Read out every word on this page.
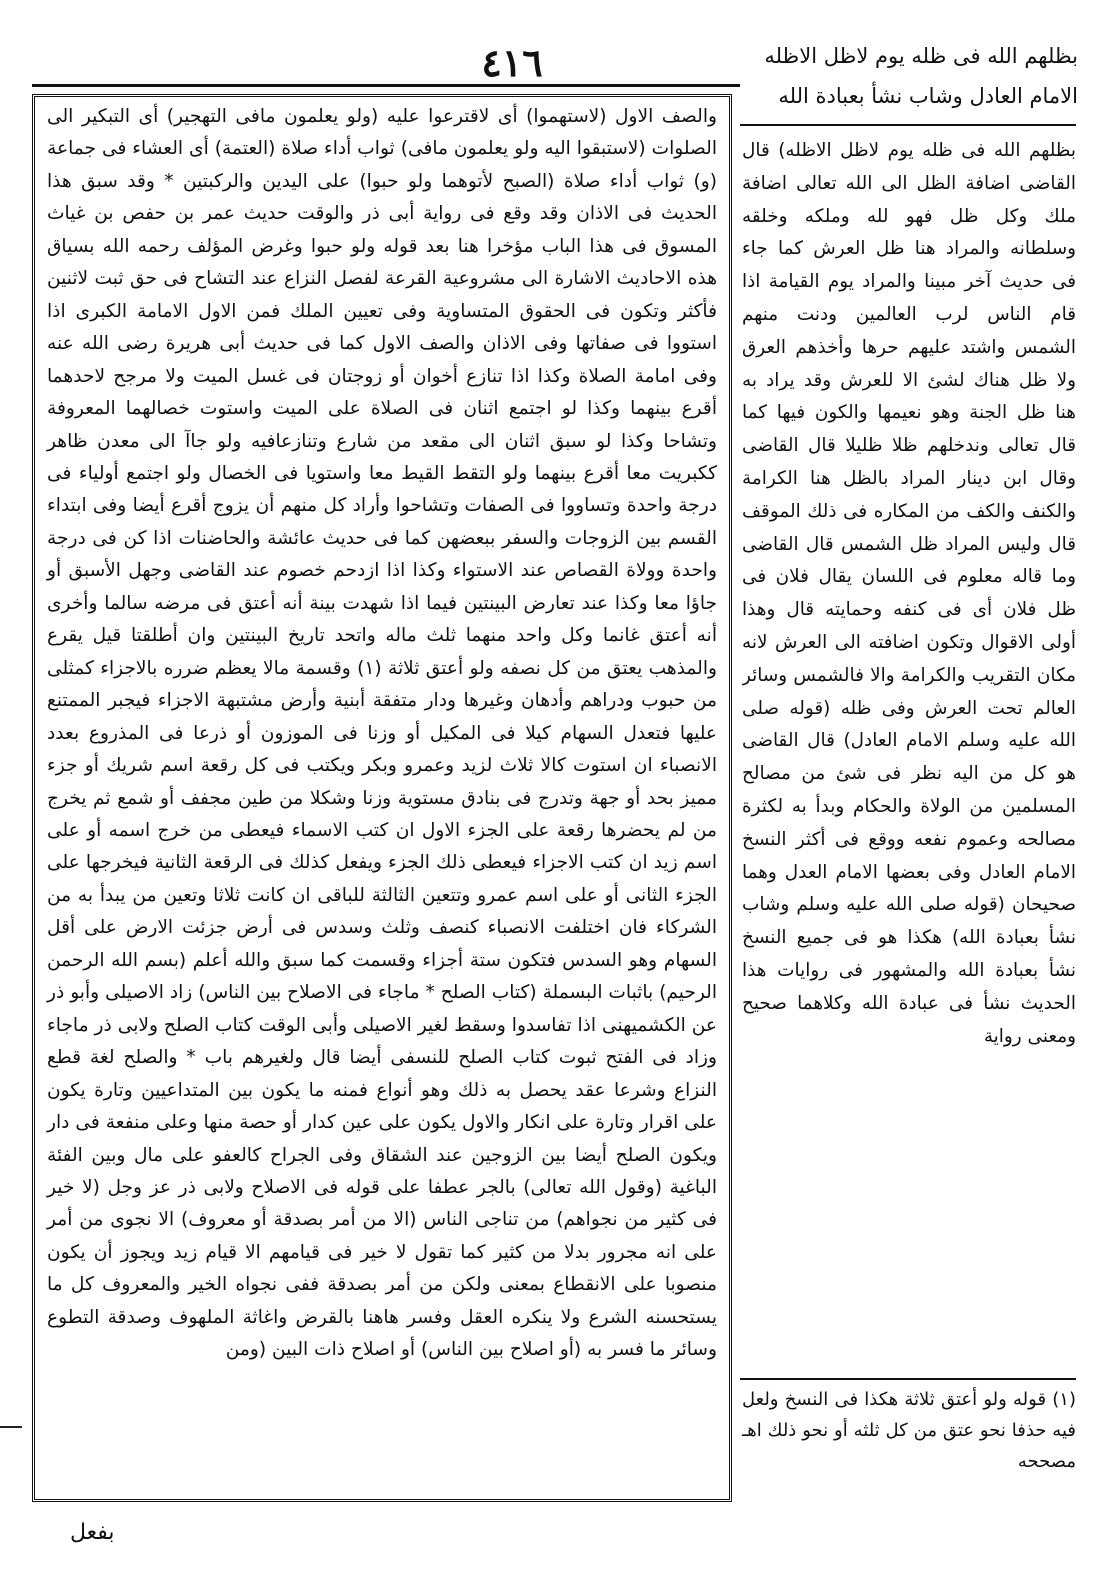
بظلهم الله فى ظله يوم لاظل الاظله
الامام العادل وشاب نشأ بعبادة الله
٤١٦
والصف الاول (لاستهموا) أى لاقترعوا عليه (ولو يعلمون مافى التهجير) أى التبكير الى الصلوات (لاستبقوا اليه ولو يعلمون مافى) ثواب أداء صلاة (العتمة) أى العشاء فى جماعة (و) ثواب أداء صلاة (الصبح لأتوهما ولو حبوا) على اليدين والركبتين * وقد سبق هذا الحديث فى الاذان وقد وقع فى رواية أبى ذر والوقت حديث عمر بن حفص بن غياث المسوق فى هذا الباب مؤخرا هنا بعد قوله ولو حبوا وغرض المؤلف رحمه الله بسياق هذه الاحاديث الاشارة الى مشروعية القرعة لفصل النزاع عند التشاح فى حق ثبت لاثنين فأكثر وتكون فى الحقوق المتساوية وفى تعيين الملك فمن الاول الامامة الكبرى اذا استووا فى صفاتها وفى الاذان والصف الاول كما فى حديث أبى هريرة رضى الله عنه وفى امامة الصلاة وكذا اذا تنازع أخوان أو زوجتان فى غسل الميت ولا مرجح لاحدهما أقرع بينهما وكذا لو اجتمع اثنان فى الصلاة على الميت واستوت خصالهما المعروفة وتشاحا وكذا لو سبق اثنان الى مقعد من شارع وتنازعافيه ولو جاآ الى معدن ظاهر ككبريت معا أقرع بينهما ولو التقط القيط معا واستويا فى الخصال ولو اجتمع أولياء فى درجة واحدة وتساووا فى الصفات وتشاحوا وأراد كل منهم أن يزوج أقرع أيضا وفى ابتداء القسم بين الزوجات والسفر ببعضهن كما فى حديث عائشة والحاضنات اذا كن فى درجة واحدة وولاة القصاص عند الاستواء وكذا اذا ازدحم خصوم عند القاضى وجهل الأسبق أو جاؤا معا وكذا عند تعارض البينتين فيما اذا شهدت بينة أنه أعتق فى مرضه سالما وأخرى أنه أعتق غانما وكل واحد منهما ثلث ماله واتحد تاريخ البينتين وان أطلقتا قيل يقرع والمذهب يعتق من كل نصفه ولو أعتق ثلاثة (١) وقسمة مالا يعظم ضرره بالاجزاء كمثلى من حبوب ودراهم وأدهان وغيرها ودار متفقة أبنية وأرض مشتبهة الاجزاء فيجبر الممتنع عليها فتعدل السهام كيلا فى المكيل أو وزنا فى الموزون أو ذرعا فى المذروع بعدد الانصباء ان استوت كالا ثلاث لزيد وعمرو وبكر ويكتب فى كل رقعة اسم شريك أو جزء مميز بحد أو جهة وتدرج فى بنادق مستوية وزنا وشكلا من طين مجفف أو شمع ثم يخرج من لم يحضرها رقعة على الجزء الاول ان كتب الاسماء فيعطى من خرج اسمه أو على اسم زيد ان كتب الاجزاء فيعطى ذلك الجزء ويفعل كذلك فى الرقعة الثانية فيخرجها على الجزء الثانى أو على اسم عمرو وتتعين الثالثة للباقى ان كانت ثلاثا وتعين من يبدأ به من الشركاء فان اختلفت الانصباء كنصف وثلث وسدس فى أرض جزئت الارض على أقل السهام وهو السدس فتكون ستة أجزاء وقسمت كما سبق والله أعلم (بسم الله الرحمن الرحيم) باثبات البسملة (كتاب الصلح * ماجاء فى الاصلاح بين الناس) زاد الاصيلى وأبو ذر عن الكشميهنى اذا تفاسدوا وسقط لغير الاصيلى وأبى الوقت كتاب الصلح ولابى ذر ماجاء وزاد فى الفتح ثبوت كتاب الصلح للنسفى أيضا قال ولغيرهم باب * والصلح لغة قطع النزاع وشرعا عقد يحصل به ذلك وهو أنواع فمنه ما يكون بين المتداعيين وتارة يكون على اقرار وتارة على انكار والاول يكون على عين كدار أو حصة منها وعلى منفعة فى دار ويكون الصلح أيضا بين الزوجين عند الشقاق وفى الجراح كالعفو على مال وبين الفئة الباغية (وقول الله تعالى) بالجر عطفا على قوله فى الاصلاح ولابى ذر عز وجل (لا خير فى كثير من نجواهم) من تناجى الناس (الا من أمر بصدقة أو معروف) الا نجوى من أمر على انه مجرور بدلا من كثير كما تقول لا خير فى قيامهم الا قيام زيد ويجوز أن يكون منصوبا على الانقطاع بمعنى ولكن من أمر بصدقة ففى نجواه الخير والمعروف كل ما يستحسنه الشرع ولا ينكره العقل وفسر هاهنا بالقرض واغاثة الملهوف وصدقة التطوع وسائر ما فسر به (أو اصلاح بين الناس) أو اصلاح ذات البين (ومن
بظلهم الله فى ظله يوم لاظل الاظله) قال القاضى اضافة الظل الى الله تعالى اضافة ملك وكل ظل فهو لله وملكه وخلقه وسلطانه والمراد هنا ظل العرش كما جاء فى حديث آخر مبينا والمراد يوم القيامة اذا قام الناس لرب العالمين ودنت منهم الشمس واشتد عليهم حرها وأخذهم العرق ولا ظل هناك لشئ الا للعرش وقد يراد به هنا ظل الجنة وهو نعيمها والكون فيها كما قال تعالى وندخلهم ظلا ظليلا قال القاضى وقال ابن دينار المراد بالظل هنا الكرامة والكنف والكف من المكاره فى ذلك الموقف قال وليس المراد ظل الشمس قال القاضى وما قاله معلوم فى اللسان يقال فلان فى ظل فلان أى فى كنفه وحمايته قال وهذا أولى الاقوال وتكون اضافته الى العرش لانه مكان التقريب والكرامة والا فالشمس وسائر العالم تحت العرش وفى ظله (قوله صلى الله عليه وسلم الامام العادل) قال القاضى هو كل من اليه نظر فى شئ من مصالح المسلمين من الولاة والحكام وبدأ به لكثرة مصالحه وعموم نفعه ووقع فى أكثر النسخ الامام العادل وفى بعضها الامام العدل وهما صحيحان (قوله صلى الله عليه وسلم وشاب نشأ بعبادة الله) هكذا هو فى جميع النسخ نشأ بعبادة الله والمشهور فى روايات هذا الحديث نشأ فى عبادة الله وكلاهما صحيح ومعنى رواية
(١) قوله ولو أعتق ثلاثة هكذا فى النسخ ولعل فيه حذفا نحو عتق من كل ثلثه أو نحو ذلك اهـ مصححه
بفعل
